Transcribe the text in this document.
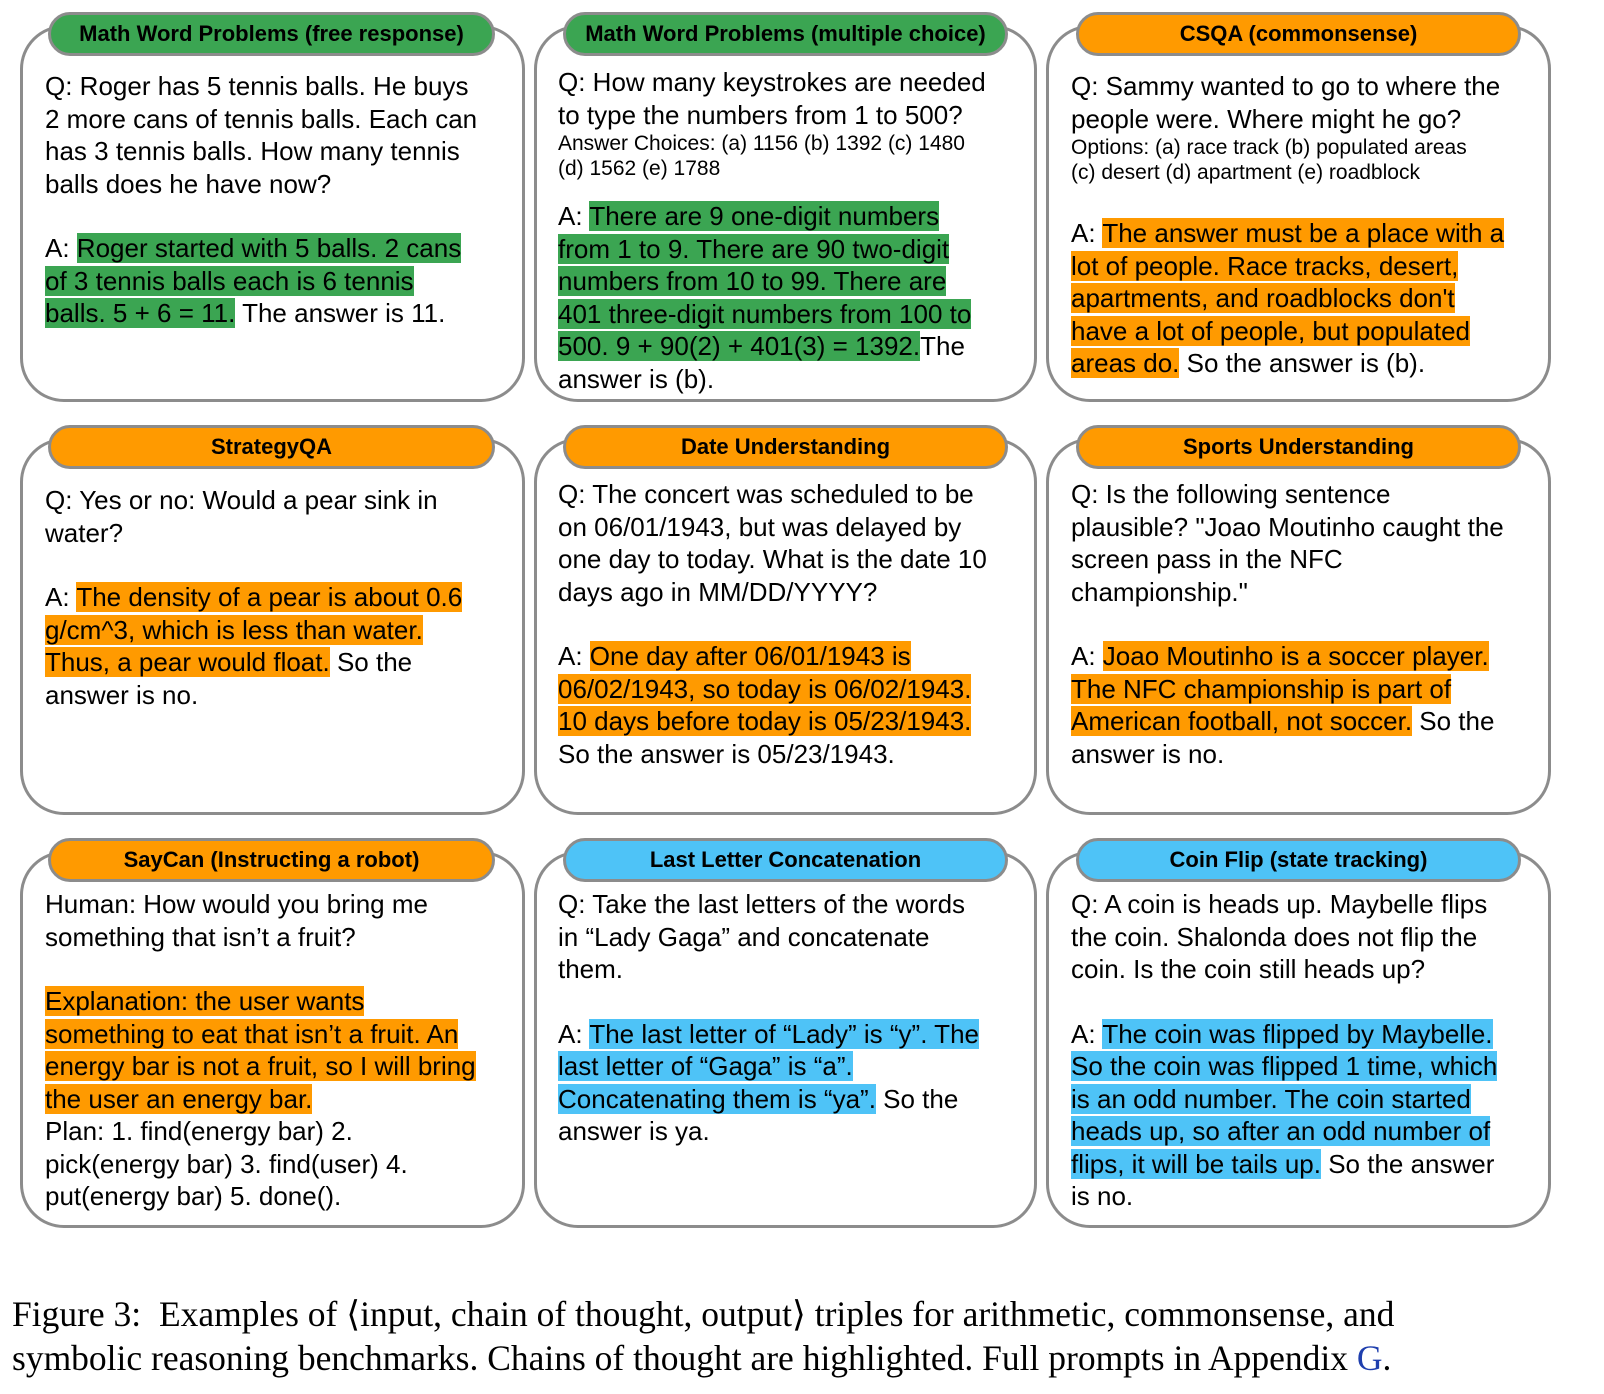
Math Word Problems (free response)
Q: Roger has 5 tennis balls. He buys
2 more cans of tennis balls. Each can
has 3 tennis balls. How many tennis
balls does he have now?
A: Roger started with 5 balls. 2 cans
of 3 tennis balls each is 6 tennis
balls. 5 + 6 = 11. The answer is 11.
Math Word Problems (multiple choice)
Q: How many keystrokes are needed
to type the numbers from 1 to 500?
Answer Choices: (a) 1156 (b) 1392 (c) 1480
(d) 1562 (e) 1788
A: There are 9 one-digit numbers
from 1 to 9. There are 90 two-digit
numbers from 10 to 99. There are
401 three-digit numbers from 100 to
500. 9 + 90(2) + 401(3) = 1392.The
answer is (b).
CSQA (commonsense)
Q: Sammy wanted to go to where the
people were. Where might he go?
Options: (a) race track (b) populated areas
(c) desert (d) apartment (e) roadblock
A: The answer must be a place with a
lot of people. Race tracks, desert,
apartments, and roadblocks don't
have a lot of people, but populated
areas do. So the answer is (b).
StrategyQA
Q: Yes or no: Would a pear sink in
water?
A: The density of a pear is about 0.6
g/cm^3, which is less than water.
Thus, a pear would float. So the
answer is no.
Date Understanding
Q: The concert was scheduled to be
on 06/01/1943, but was delayed by
one day to today. What is the date 10
days ago in MM/DD/YYYY?
A: One day after 06/01/1943 is
06/02/1943, so today is 06/02/1943.
10 days before today is 05/23/1943.
So the answer is 05/23/1943.
Sports Understanding
Q: Is the following sentence
plausible? "Joao Moutinho caught the
screen pass in the NFC
championship."
A: Joao Moutinho is a soccer player.
The NFC championship is part of
American football, not soccer. So the
answer is no.
SayCan (Instructing a robot)
Human: How would you bring me
something that isn’t a fruit?
Explanation: the user wants
something to eat that isn’t a fruit. An
energy bar is not a fruit, so I will bring
the user an energy bar.
Plan: 1. find(energy bar) 2.
pick(energy bar) 3. find(user) 4.
put(energy bar) 5. done().
Last Letter Concatenation
Q: Take the last letters of the words
in “Lady Gaga” and concatenate
them.
A: The last letter of “Lady” is “y”. The
last letter of “Gaga” is “a”.
Concatenating them is “ya”. So the
answer is ya.
Coin Flip (state tracking)
Q: A coin is heads up. Maybelle flips
the coin. Shalonda does not flip the
coin. Is the coin still heads up?
A: The coin was flipped by Maybelle.
So the coin was flipped 1 time, which
is an odd number. The coin started
heads up, so after an odd number of
flips, it will be tails up. So the answer
is no.
Figure 3: Examples of ⟨input, chain of thought, output⟩ triples for arithmetic, commonsense, and
symbolic reasoning benchmarks. Chains of thought are highlighted. Full prompts in Appendix G.
